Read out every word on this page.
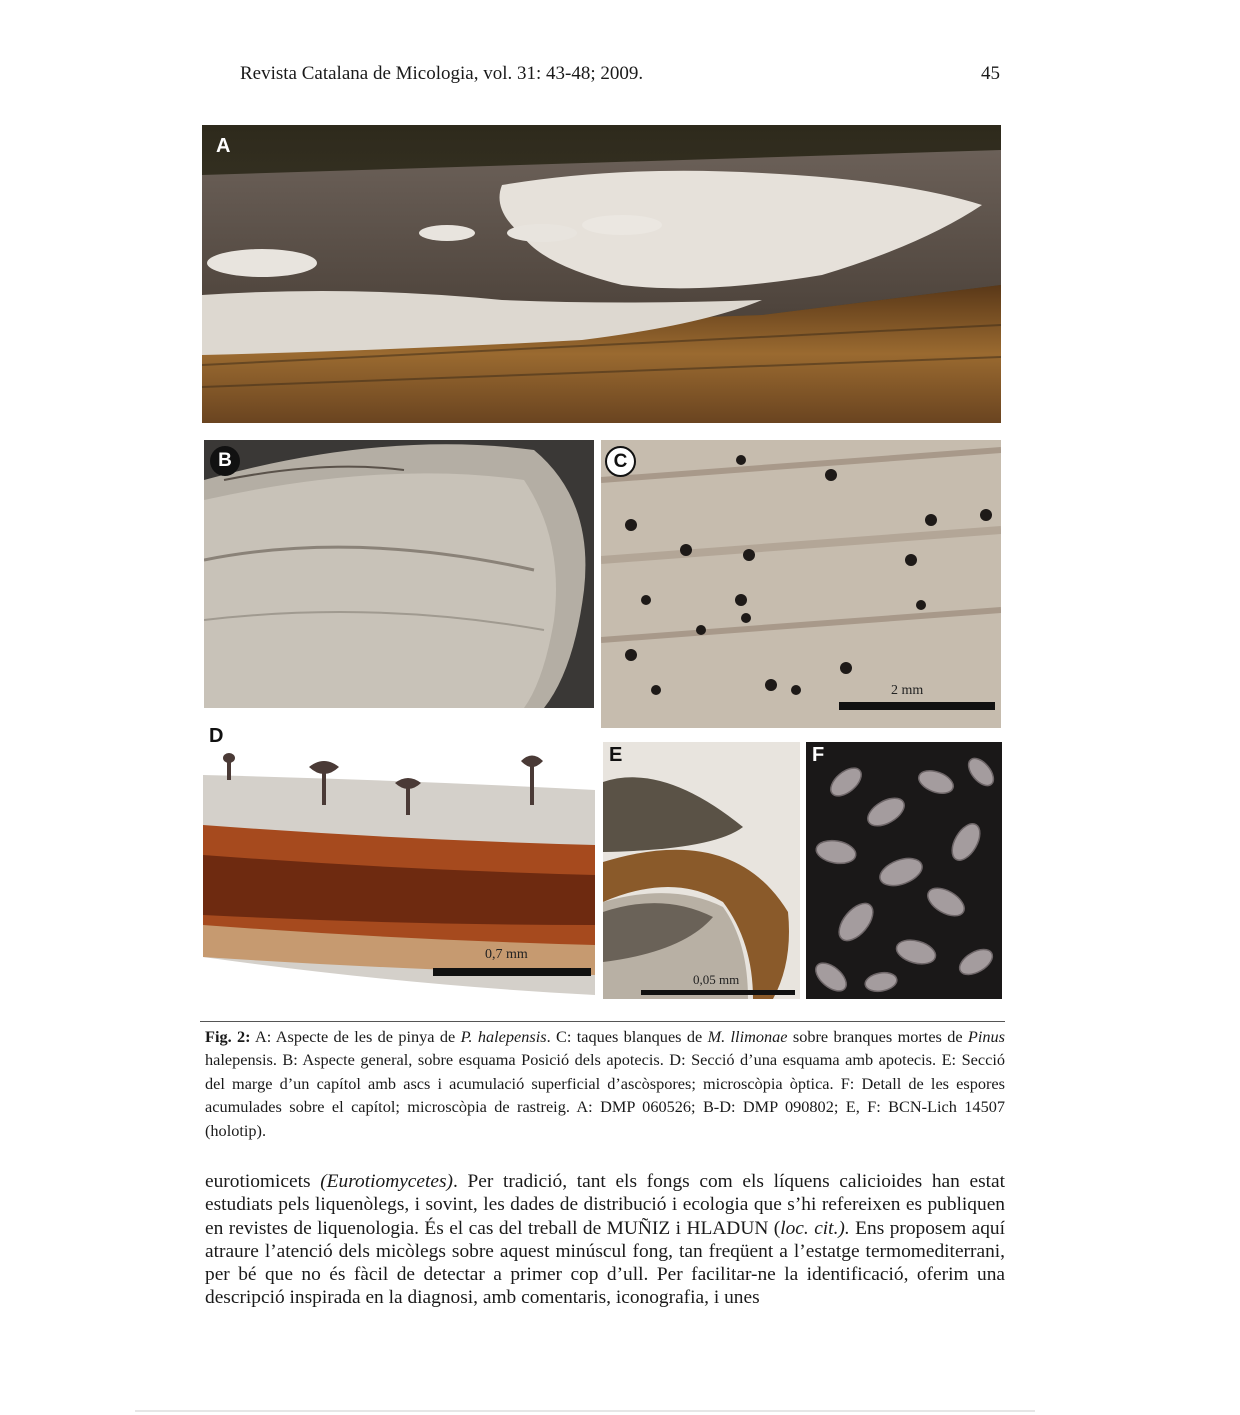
Revista Catalana de Micologia, vol. 31: 43-48; 2009.	45
A
B	C
2 mm
D
0,7 mm
E
0,05 mm
F

Fig. 2: A: Aspecte de les de pinya de P. halepensis. C: taques blanques de M. llimonae sobre branques mortes de Pinus halepensis. B: Aspecte general, sobre esquama Posició dels apotecis. D: Secció d’una esquama amb apotecis. E: Secció del marge d’un capítol amb ascs i acumulació superficial d’ascòspores; microscòpia òptica. F: Detall de les espores acumulades sobre el capítol; microscòpia de rastreig. A: DMP 060526; B-D: DMP 090802; E, F: BCN-Lich 14507 (holotip).

eurotiomicets (Eurotiomycetes). Per tradició, tant els fongs com els líquens calicioides han estat estudiats pels liquenòlegs, i sovint, les dades de distribució i ecologia que s’hi refereixen es publiquen en revistes de liquenologia. És el cas del treball de MUÑIZ i HLADUN (loc. cit.). Ens proposem aquí atraure l’atenció dels micòlegs sobre aquest minúscul fong, tan freqüent a l’estatge termomediterrani, per bé que no és fàcil de detectar a primer cop d’ull. Per facilitar-ne la identificació, oferim una descripció inspirada en la diagnosi, amb comentaris, iconografia, i unes
